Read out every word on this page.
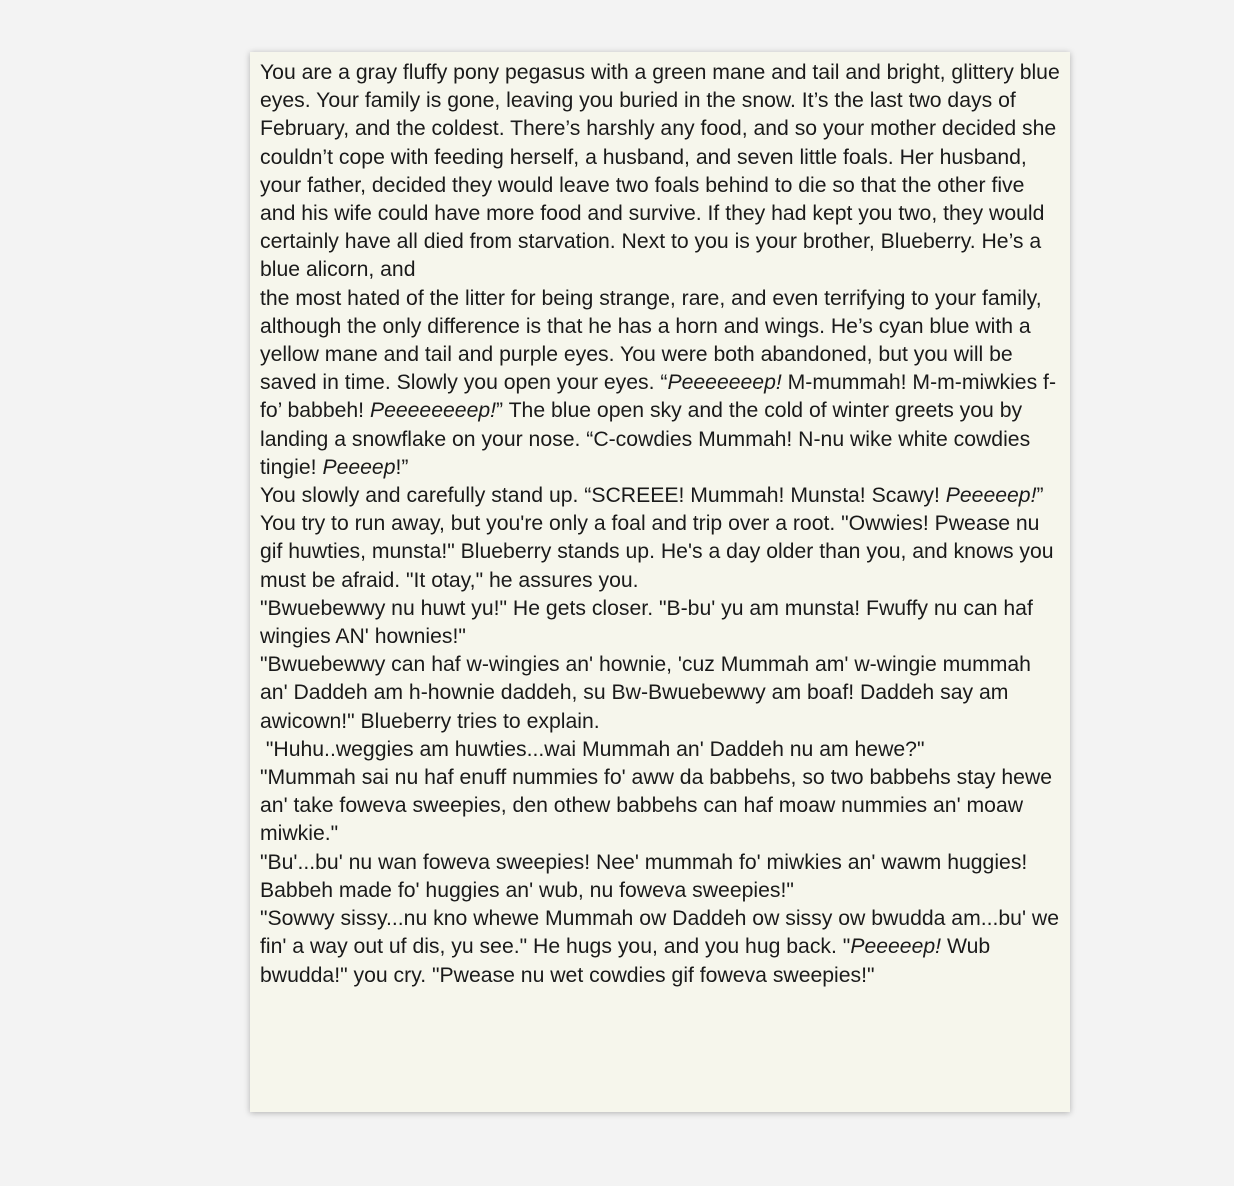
You are a gray fluffy pony pegasus with a green mane and tail and bright, glittery blue eyes. Your family is gone, leaving you buried in the snow. It’s the last two days of February, and the coldest. There’s harshly any food, and so your mother decided she couldn’t cope with feeding herself, a husband, and seven little foals. Her husband, your father, decided they would leave two foals behind to die so that the other five and his wife could have more food and survive. If they had kept you two, they would certainly have all died from starvation. Next to you is your brother, Blueberry. He’s a blue alicorn, and

the most hated of the litter for being strange, rare, and even terrifying to your family, although the only difference is that he has a horn and wings. He’s cyan blue with a yellow mane and tail and purple eyes. You were both abandoned, but you will be saved in time. Slowly you open your eyes. “Peeeeeeep! M-mummah! M-m-miwkies f-fo’ babbeh! Peeeeeeeep!” The blue open sky and the cold of winter greets you by landing a snowflake on your nose. “C-cowdies Mummah! N-nu wike white cowdies tingie! Peeeep!”

You slowly and carefully stand up. “SCREEE! Mummah! Munsta! Scawy! Peeeeep!” You try to run away, but you're only a foal and trip over a root. "Owwies! Pwease nu gif huwties, munsta!" Blueberry stands up. He's a day older than you, and knows you must be afraid. "It otay," he assures you.

"Bwuebewwy nu huwt yu!" He gets closer. "B-bu' yu am munsta! Fwuffy nu can haf wingies AN' hownies!"

"Bwuebewwy can haf w-wingies an' hownie, 'cuz Mummah am' w-wingie mummah an' Daddeh am h-hownie daddeh, su Bw-Bwuebewwy am boaf! Daddeh say am awicown!" Blueberry tries to explain.

"Huhu..weggies am huwties...wai Mummah an' Daddeh nu am hewe?"

"Mummah sai nu haf enuff nummies fo' aww da babbehs, so two babbehs stay hewe an' take foweva sweepies, den othew babbehs can haf moaw nummies an' moaw miwkie."

"Bu'...bu' nu wan foweva sweepies! Nee' mummah fo' miwkies an' wawm huggies! Babbeh made fo' huggies an' wub, nu foweva sweepies!"

"Sowwy sissy...nu kno whewe Mummah ow Daddeh ow sissy ow bwudda am...bu' we fin' a way out uf dis, yu see." He hugs you, and you hug back. "Peeeeep! Wub bwudda!" you cry. "Pwease nu wet cowdies gif foweva sweepies!"
